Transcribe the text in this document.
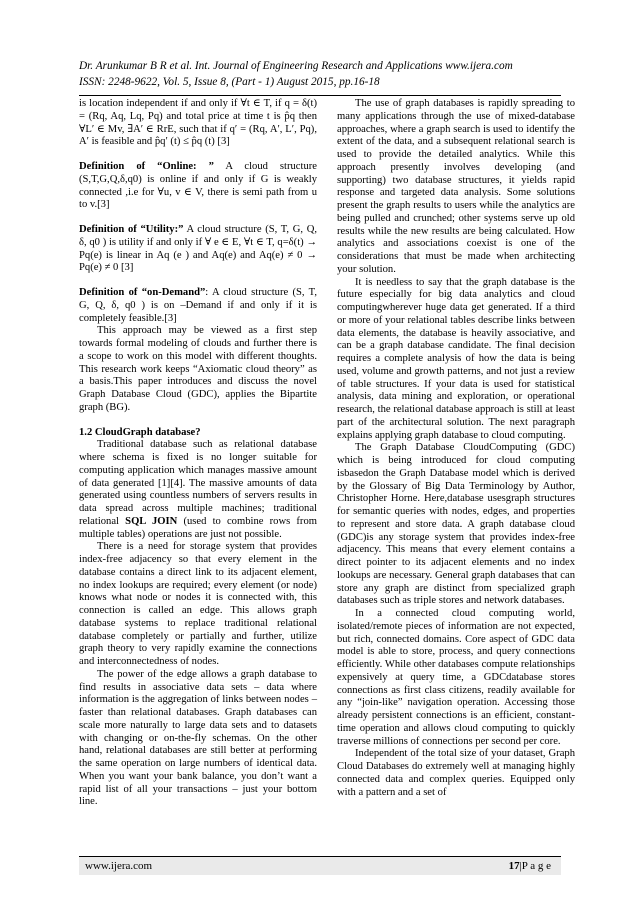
Dr. Arunkumar B R et al. Int. Journal of Engineering Research and Applications www.ijera.com
ISSN: 2248-9622, Vol. 5, Issue 8, (Part - 1) August 2015, pp.16-18

is location independent if and only if ∀t ∈ T, if q = δ(t) = (Rq, Aq, Lq, Pq) and total price at time t is p̂q then ∀L′ ∈ Mv, ∃A′ ∈ RrE, such that if q′ = (Rq, A′, L′, Pq), A′ is feasible and p̂q′ (t) ≤ p̂q (t) [3]

Definition of “Online: ” A cloud structure (S,T,G,Q,δ,q0) is online if and only if G is weakly connected ,i.e for ∀u, v ∈ V, there is semi path from u to v.[3]

Definition of “Utility:” A cloud structure (S, T, G, Q, δ, q0 ) is utility if and only if ∀ e ∈ E, ∀t ∈ T, q=δ(t) → Pq(e) is linear in Aq (e ) and Aq(e) and Aq(e) ≠ 0 → Pq(e) ≠ 0 [3]

Definition of “on-Demand”: A cloud structure (S, T, G, Q, δ, q0 ) is on –Demand if and only if it is completely feasible.[3]

This approach may be viewed as a first step towards formal modeling of clouds and further there is a scope to work on this model with different thoughts. This research work keeps “Axiomatic cloud theory” as a basis.This paper introduces and discuss the novel Graph Database Cloud (GDC), applies the Bipartite graph (BG).

1.2 CloudGraph database?

Traditional database such as relational database where schema is fixed is no longer suitable for computing application which manages massive amount of data generated [1][4]. The massive amounts of data generated using countless numbers of servers results in data spread across multiple machines; traditional relational SQL JOIN (used to combine rows from multiple tables) operations are just not possible.

There is a need for storage system that provides index-free adjacency so that every element in the database contains a direct link to its adjacent element, no index lookups are required; every element (or node) knows what node or nodes it is connected with, this connection is called an edge. This allows graph database systems to replace traditional relational database completely or partially and further, utilize graph theory to very rapidly examine the connections and interconnectedness of nodes.

The power of the edge allows a graph database to find results in associative data sets – data where information is the aggregation of links between nodes – faster than relational databases. Graph databases can scale more naturally to large data sets and to datasets with changing or on-the-fly schemas. On the other hand, relational databases are still better at performing the same operation on large numbers of identical data. When you want your bank balance, you don’t want a rapid list of all your transactions – just your bottom line.

The use of graph databases is rapidly spreading to many applications through the use of mixed-database approaches, where a graph search is used to identify the extent of the data, and a subsequent relational search is used to provide the detailed analytics. While this approach presently involves developing (and supporting) two database structures, it yields rapid response and targeted data analysis. Some solutions present the graph results to users while the analytics are being pulled and crunched; other systems serve up old results while the new results are being calculated. How analytics and associations coexist is one of the considerations that must be made when architecting your solution.

It is needless to say that the graph database is the future especially for big data analytics and cloud computingwherever huge data get generated. If a third or more of your relational tables describe links between data elements, the database is heavily associative, and can be a graph database candidate. The final decision requires a complete analysis of how the data is being used, volume and growth patterns, and not just a review of table structures. If your data is used for statistical analysis, data mining and exploration, or operational research, the relational database approach is still at least part of the architectural solution. The next paragraph explains applying graph database to cloud computing.

The Graph Database CloudComputing (GDC) which is being introduced for cloud computing isbasedon the Graph Database model which is derived by the Glossary of Big Data Terminology by Author, Christopher Horne. Here,database usesgraph structures for semantic queries with nodes, edges, and properties to represent and store data. A graph database cloud (GDC)is any storage system that provides index-free adjacency. This means that every element contains a direct pointer to its adjacent elements and no index lookups are necessary. General graph databases that can store any graph are distinct from specialized graph databases such as triple stores and network databases.

In a connected cloud computing world, isolated/remote pieces of information are not expected, but rich, connected domains. Core aspect of GDC data model is able to store, process, and query connections efficiently. While other databases compute relationships expensively at query time, a GDCdatabase stores connections as first class citizens, readily available for any “join-like” navigation operation. Accessing those already persistent connections is an efficient, constant-time operation and allows cloud computing to quickly traverse millions of connections per second per core.

Independent of the total size of your dataset, Graph Cloud Databases do extremely well at managing highly connected data and complex queries. Equipped only with a pattern and a set of

www.ijera.com	17|P a g e
